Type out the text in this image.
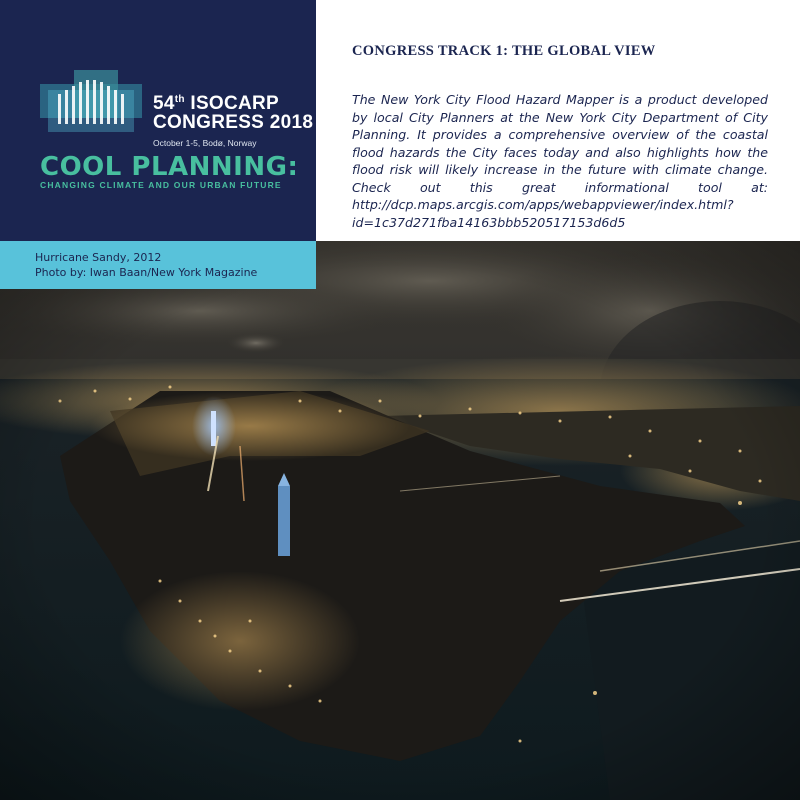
54th ISOCARP
CONGRESS 2018
October 1-5, Bodø, Norway
COOL PLANNING:
CHANGING CLIMATE AND OUR URBAN FUTURE
Hurricane Sandy, 2012
Photo by: Iwan Baan/New York Magazine
CONGRESS TRACK 1: THE GLOBAL VIEW

The New York City Flood Hazard Mapper is a product developed by local City Planners at the New York City Department of City Planning. It provides a comprehensive overview of the coastal flood hazards the City faces today and also highlights how the flood risk will likely increase in the future with climate change. Check out this great informational tool at: http://dcp.maps.arcgis.com/apps/webappviewer/index.html?id=1c37d271fba14163bbb520517153d6d5
